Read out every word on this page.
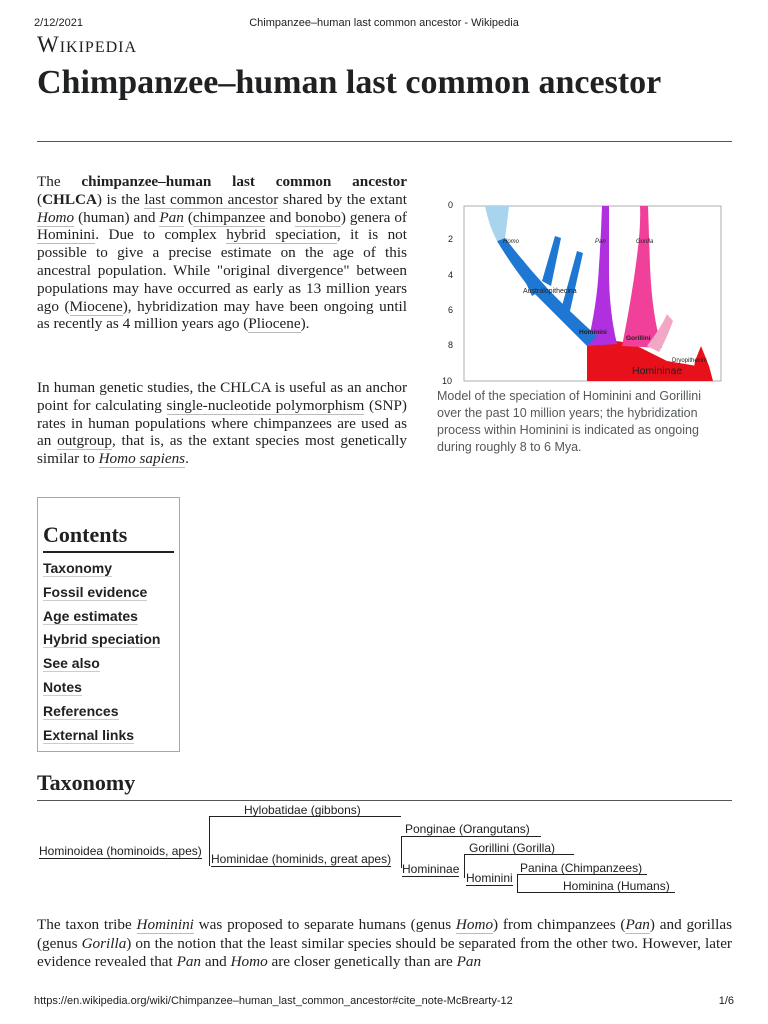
2/12/2021	Chimpanzee–human last common ancestor - Wikipedia
Wikipedia
Chimpanzee–human last common ancestor

The chimpanzee–human last common ancestor (CHLCA) is the last common ancestor shared by the extant Homo (human) and Pan (chimpanzee and bonobo) genera of Hominini. Due to complex hybrid speciation, it is not possible to give a precise estimate on the age of this ancestral population. While "original divergence" between populations may have occurred as early as 13 million years ago (Miocene), hybridization may have been ongoing until as recently as 4 million years ago (Pliocene).

In human genetic studies, the CHLCA is useful as an anchor point for calculating single-nucleotide polymorphism (SNP) rates in human populations where chimpanzees are used as an outgroup, that is, as the extant species most genetically similar to Homo sapiens.

0
2
4
6
8
10
Homo	Pan	Gorilla
Australopithecina
Hominini
Gorillini
Dryopithecini
Homininae
Model of the speciation of Hominini and Gorillini over the past 10 million years; the hybridization process within Hominini is indicated as ongoing during roughly 8 to 6 Mya.
Contents
Taxonomy
Fossil evidence
Age estimates
Hybrid speciation
See also
Notes
References
External links
Taxonomy
Hominoidea (hominoids, apes)
Hylobatidae (gibbons)
Hominidae (hominids, great apes)
Ponginae (Orangutans)
Homininae
Gorillini (Gorilla)
Hominini
Panina (Chimpanzees)
Hominina (Humans)

The taxon tribe Hominini was proposed to separate humans (genus Homo) from chimpanzees (Pan) and gorillas (genus Gorilla) on the notion that the least similar species should be separated from the other two. However, later evidence revealed that Pan and Homo are closer genetically than are Pan

https://en.wikipedia.org/wiki/Chimpanzee–human_last_common_ancestor#cite_note-McBrearty-12	1/6
